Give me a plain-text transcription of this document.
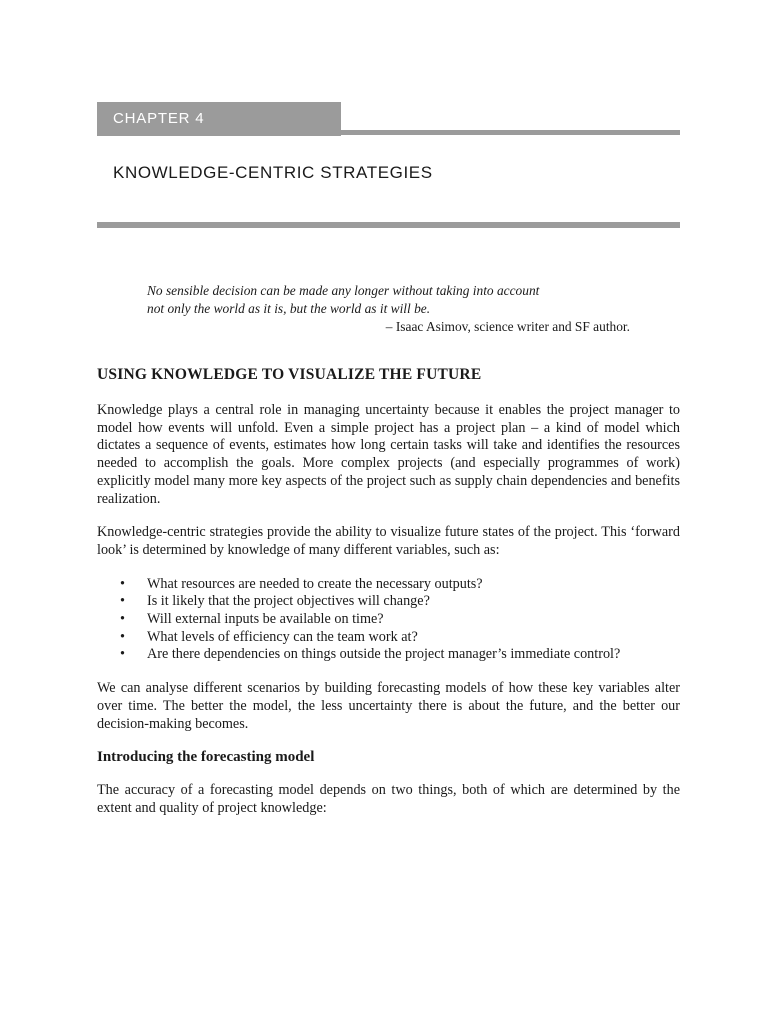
CHAPTER 4
KNOWLEDGE-CENTRIC STRATEGIES
No sensible decision can be made any longer without taking into account
not only the world as it is, but the world as it will be.
– Isaac Asimov, science writer and SF author.
USING KNOWLEDGE TO VISUALIZE THE FUTURE

Knowledge plays a central role in managing uncertainty because it enables the project manager to model how events will unfold. Even a simple project has a project plan – a kind of model which dictates a sequence of events, estimates how long certain tasks will take and identifies the resources needed to accomplish the goals. More complex projects (and especially programmes of work) explicitly model many more key aspects of the project such as supply chain dependencies and benefits realization.

Knowledge-centric strategies provide the ability to visualize future states of the project. This ‘forward look’ is determined by knowledge of many different variables, such as:

• What resources are needed to create the necessary outputs?
• Is it likely that the project objectives will change?
• Will external inputs be available on time?
• What levels of efficiency can the team work at?
• Are there dependencies on things outside the project manager’s immediate control?

We can analyse different scenarios by building forecasting models of how these key variables alter over time. The better the model, the less uncertainty there is about the future, and the better our decision-making becomes.

Introducing the forecasting model

The accuracy of a forecasting model depends on two things, both of which are determined by the extent and quality of project knowledge:
